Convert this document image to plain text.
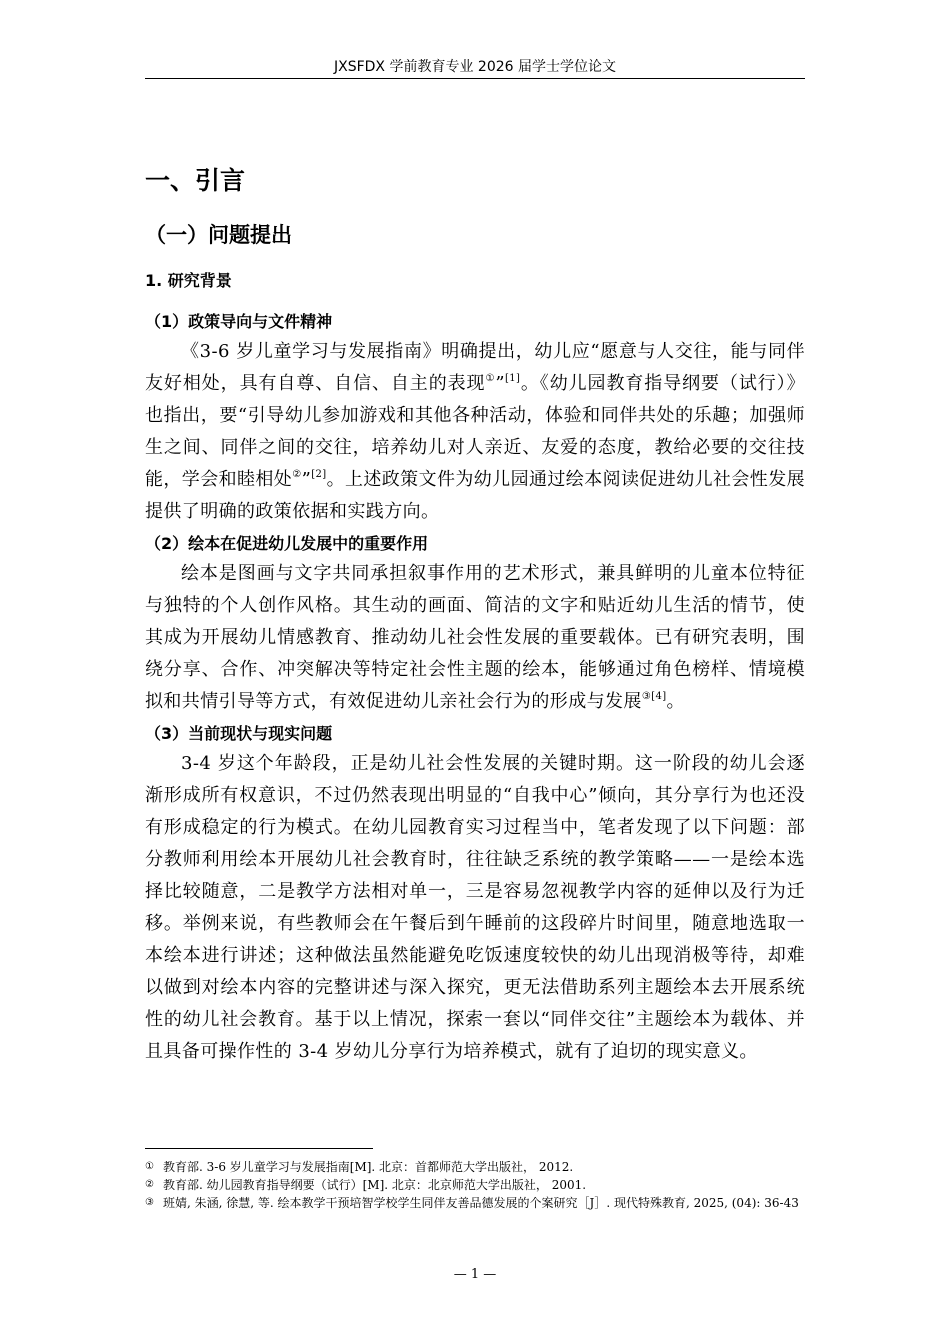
JXSFDX 学前教育专业 2026 届学士学位论文
一、引言
（一）问题提出
1. 研究背景
（1）政策导向与文件精神

《3-6 岁儿童学习与发展指南》明确提出，幼儿应“愿意与人交往，能与同伴友好相处，具有自尊、自信、自主的表现①”[1]。《幼儿园教育指导纲要（试行）》也指出，要“引导幼儿参加游戏和其他各种活动，体验和同伴共处的乐趣；加强师生之间、同伴之间的交往，培养幼儿对人亲近、友爱的态度，教给必要的交往技能，学会和睦相处②”[2]。上述政策文件为幼儿园通过绘本阅读促进幼儿社会性发展提供了明确的政策依据和实践方向。

（2）绘本在促进幼儿发展中的重要作用

绘本是图画与文字共同承担叙事作用的艺术形式，兼具鲜明的儿童本位特征与独特的个人创作风格。其生动的画面、简洁的文字和贴近幼儿生活的情节，使其成为开展幼儿情感教育、推动幼儿社会性发展的重要载体。已有研究表明，围绕分享、合作、冲突解决等特定社会性主题的绘本，能够通过角色榜样、情境模拟和共情引导等方式，有效促进幼儿亲社会行为的形成与发展$^{③[4]}$。

（3）当前现状与现实问题

3-4 岁这个年龄段，正是幼儿社会性发展的关键时期。这一阶段的幼儿会逐渐形成所有权意识，不过仍然表现出明显的“自我中心”倾向，其分享行为也还没有形成稳定的行为模式。在幼儿园教育实习过程当中，笔者发现了以下问题：部分教师利用绘本开展幼儿社会教育时，往往缺乏系统的教学策略——一是绘本选择比较随意，二是教学方法相对单一，三是容易忽视教学内容的延伸以及行为迁移。举例来说，有些教师会在午餐后到午睡前的这段碎片时间里，随意地选取一本绘本进行讲述；这种做法虽然能避免吃饭速度较快的幼儿出现消极等待，却难以做到对绘本内容的完整讲述与深入探究，更无法借助系列主题绘本去开展系统性的幼儿社会教育。基于以上情况，探索一套以“同伴交往”主题绘本为载体、并且具备可操作性的 3-4 岁幼儿分享行为培养模式，就有了迫切的现实意义。

① 教育部. 3-6 岁儿童学习与发展指南[M]. 北京：首都师范大学出版社， 2012.
② 教育部. 幼儿园教育指导纲要（试行）[M]. 北京：北京师范大学出版社， 2001.
③ 班婧, 朱涵, 徐慧, 等. 绘本教学干预培智学校学生同伴友善品德发展的个案研究［J］. 现代特殊教育, 2025, (04): 36-43
— 1 —
